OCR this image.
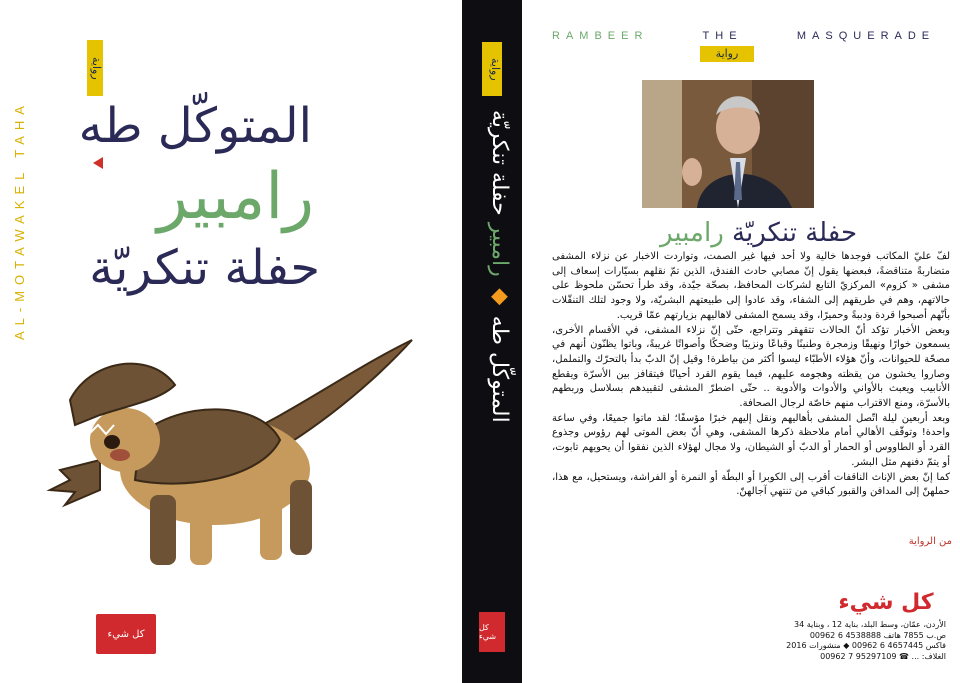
AL-MOTAWAKEL TAHA
رواية
المتوكّل طه
رامبير
حفلة تنكريّة
كل شيء
رواية
المتوكّل طه ◆ رامبير حفلة تنكريّة
كل شيء
RAMBEER	THE	MASQUERADE
رواية
حفلة تنكريّة رامبير

لفّ عليّ المكاتب فوجدها خالية ولا أحد فيها غير الصمت، وتواردت الاخبار عن نزلاء المشفى متضاربةً متناقضةً، فبعضها يقول إنّ مصابي حادث الفندق، الذين تمّ نقلهم بسيّارات إسعاف إلى مشفى « كزوم» المركزيّ التابع لشركات المحافظ، بصحّة جيّدة، وقد طرأ تحسّن ملحوظ على حالاتهم، وهم في طريقهم إلى الشفاء، وقد عادوا إلى طبيعتهم البشريّة، ولا وجود لتلك التنقّلات بأنّهم أصبحوا قردة ودببةً وحميرًا، وقد يسمح المشفى لاهاليهم بزيارتهم عمّا قريب.

وبعض الأخبار تؤكد أنّ الحالات تتقهقر وتتراجع، حتّى إنّ نزلاء المشفى، في الأقسام الأخرى، يسمعون خوارًا ونهيقًا وزمجرة وطنينًا وقباعًا ونزيبًا وضحكًا وأصواتًا غريبةً، وباتوا يظنّون أنهم في مصحّة للحيوانات، وأنّ هؤلاء الأطبّاء ليسوا أكثر من بياطرة! وقيل إنّ الدبّ بدأ بالتحرّك والتململ، وصاروا يخشون من يقظته وهجومه عليهم، فيما يقوم القرد أحيانًا فيتقافز بين الأسرّة ويقطع الأنابيب ويعبث بالأواني والأدوات والأدوية .. حتّى اضطرّ المشفى لتقييدهم بسلاسل وربطهم بالأسرّة، ومنع الاقتراب منهم خاصّة لرجال الصحافة.

وبعد أربعين ليلة اتّصل المشفى بأهاليهم ونقل إليهم خبرًا مؤسفًا؛ لقد ماتوا جميعًا، وفي ساعة واحدة! وتوقّف الأهالي أمام ملاحظة ذكرها المشفى، وهي أنّ بعض الموتى لهم رؤوس وجذوع القرد أو الطاووس أو الحمار أو الدبّ أو الشيطان، ولا مجال لهؤلاء الذين نفقوا أن يحويهم تابوت، أو يتمّ دفنهم مثل البشر.

كما إنّ بعض الإناث الناقفات أقرب إلى الكوبرا أو البطّة أو النمرة أو الفراشة، ويستحيل، مع هذا، حملهنّ إلى المدافن والقبور كباقي من تنتهي آجالهنّ.

من الرواية
كل شيء
الأردن، عمّان، وسط البلد، بناية 12 ، وبناية 34
ص.ب 7855 هاتف 4538888 6 00962
فاكس 4657445 6 00962 ◆ منشورات 2016
الغلاف: ... ☎ 95297109 7 00962
